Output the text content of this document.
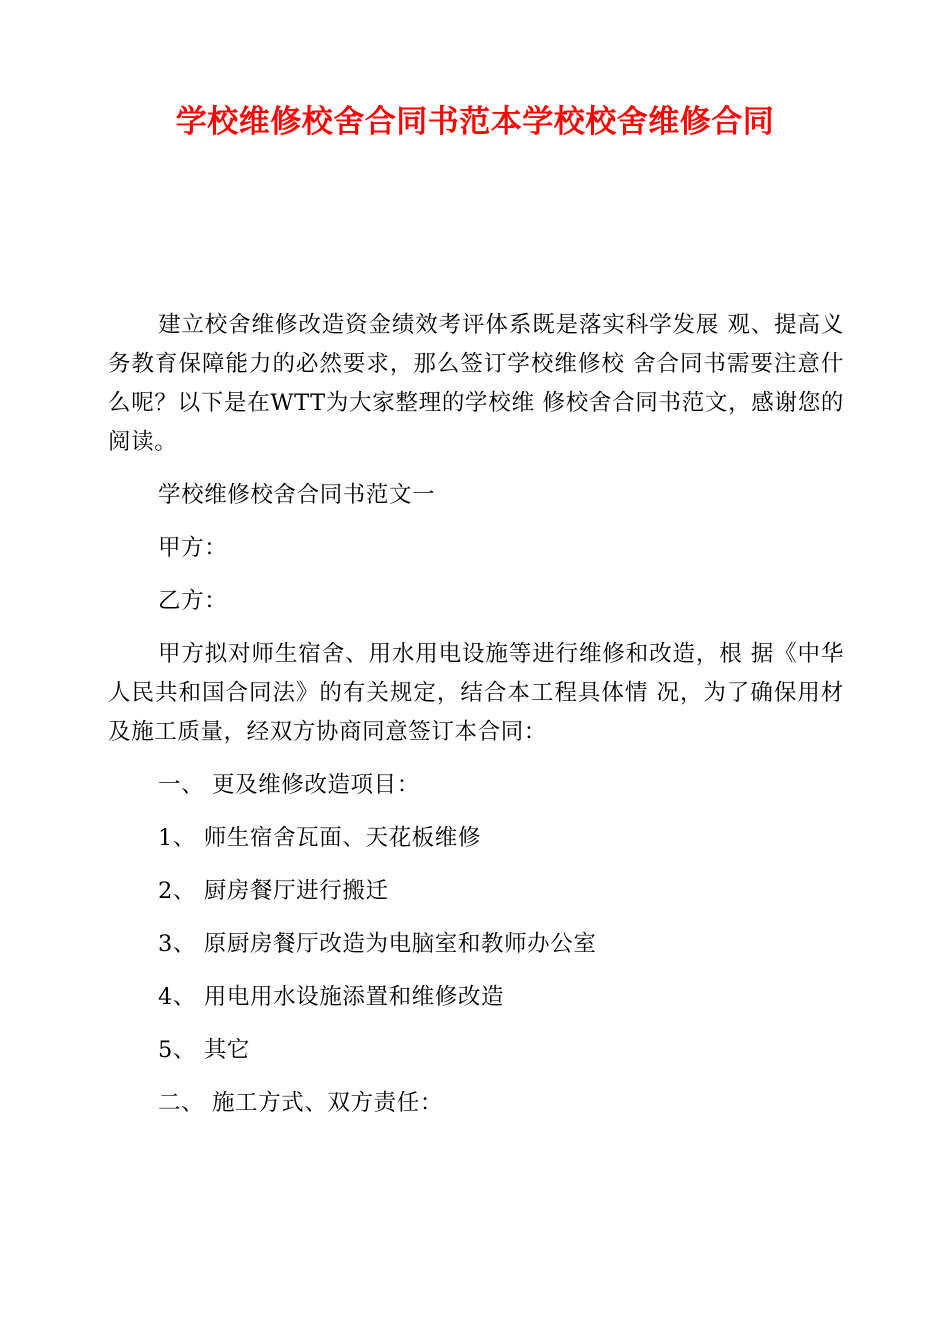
学校维修校舍合同书范本学校校舍维修合同

建立校舍维修改造资金绩效考评体系既是落实科学发展 观、提高义务教育保障能力的必然要求，那么签订学校维修校 舍合同书需要注意什么呢？以下是在WTT为大家整理的学校维 修校舍合同书范文，感谢您的阅读。

学校维修校舍合同书范文一

甲方：

乙方：

甲方拟对师生宿舍、用水用电设施等进行维修和改造，根 据《中华人民共和国合同法》的有关规定，结合本工程具体情 况，为了确保用材及施工质量，经双方协商同意签订本合同：

一、 更及维修改造项目：

1、 师生宿舍瓦面、天花板维修

2、 厨房餐厅进行搬迁

3、 原厨房餐厅改造为电脑室和教师办公室

4、 用电用水设施添置和维修改造

5、 其它

二、 施工方式、双方责任：
